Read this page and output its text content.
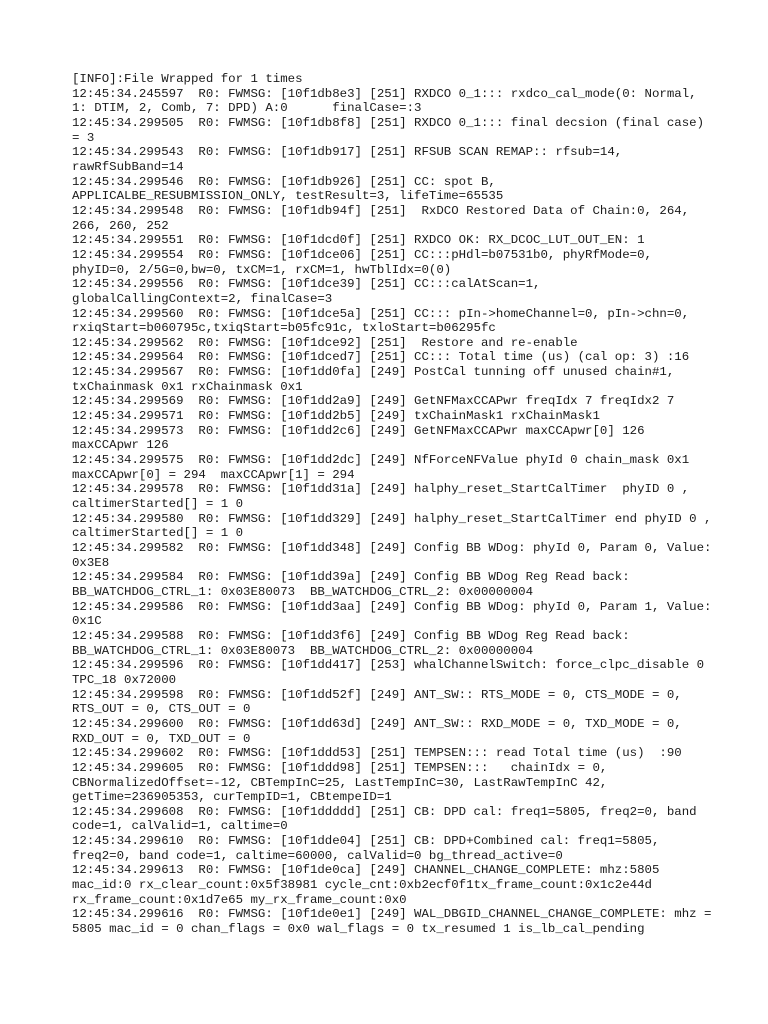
[INFO]:File Wrapped for 1 times
12:45:34.245597  R0: FWMSG: [10f1db8e3] [251] RXDCO 0_1::: rxdco_cal_mode(0: Normal, 1: DTIM, 2, Comb, 7: DPD) A:0      finalCase=:3
12:45:34.299505  R0: FWMSG: [10f1db8f8] [251] RXDCO 0_1::: final decsion (final case) = 3
12:45:34.299543  R0: FWMSG: [10f1db917] [251] RFSUB SCAN REMAP:: rfsub=14, rawRfSubBand=14
12:45:34.299546  R0: FWMSG: [10f1db926] [251] CC: spot B, APPLICALBE_RESUBMISSION_ONLY, testResult=3, lifeTime=65535
12:45:34.299548  R0: FWMSG: [10f1db94f] [251]  RxDCO Restored Data of Chain:0, 264, 266, 260, 252
12:45:34.299551  R0: FWMSG: [10f1dcd0f] [251] RXDCO OK: RX_DCOC_LUT_OUT_EN: 1
12:45:34.299554  R0: FWMSG: [10f1dce06] [251] CC:::pHdl=b07531b0, phyRfMode=0, phyID=0, 2/5G=0,bw=0, txCM=1, rxCM=1, hwTblIdx=0(0)
12:45:34.299556  R0: FWMSG: [10f1dce39] [251] CC:::calAtScan=1, globalCallingContext=2, finalCase=3
12:45:34.299560  R0: FWMSG: [10f1dce5a] [251] CC::: pIn->homeChannel=0, pIn->chn=0, rxiqStart=b060795c,txiqStart=b05fc91c, txloStart=b06295fc
12:45:34.299562  R0: FWMSG: [10f1dce92] [251]  Restore and re-enable
12:45:34.299564  R0: FWMSG: [10f1dced7] [251] CC::: Total time (us) (cal op: 3) :16
12:45:34.299567  R0: FWMSG: [10f1dd0fa] [249] PostCal tunning off unused chain#1, txChainmask 0x1 rxChainmask 0x1
12:45:34.299569  R0: FWMSG: [10f1dd2a9] [249] GetNFMaxCCAPwr freqIdx 7 freqIdx2 7
12:45:34.299571  R0: FWMSG: [10f1dd2b5] [249] txChainMask1 rxChainMask1
12:45:34.299573  R0: FWMSG: [10f1dd2c6] [249] GetNFMaxCCAPwr maxCCApwr[0] 126 maxCCApwr 126
12:45:34.299575  R0: FWMSG: [10f1dd2dc] [249] NfForceNFValue phyId 0 chain_mask 0x1 maxCCApwr[0] = 294  maxCCApwr[1] = 294
12:45:34.299578  R0: FWMSG: [10f1dd31a] [249] halphy_reset_StartCalTimer  phyID 0 , caltimerStarted[] = 1 0
12:45:34.299580  R0: FWMSG: [10f1dd329] [249] halphy_reset_StartCalTimer end phyID 0 , caltimerStarted[] = 1 0
12:45:34.299582  R0: FWMSG: [10f1dd348] [249] Config BB WDog: phyId 0, Param 0, Value: 0x3E8
12:45:34.299584  R0: FWMSG: [10f1dd39a] [249] Config BB WDog Reg Read back: BB_WATCHDOG_CTRL_1: 0x03E80073  BB_WATCHDOG_CTRL_2: 0x00000004
12:45:34.299586  R0: FWMSG: [10f1dd3aa] [249] Config BB WDog: phyId 0, Param 1, Value: 0x1C
12:45:34.299588  R0: FWMSG: [10f1dd3f6] [249] Config BB WDog Reg Read back: BB_WATCHDOG_CTRL_1: 0x03E80073  BB_WATCHDOG_CTRL_2: 0x00000004
12:45:34.299596  R0: FWMSG: [10f1dd417] [253] whalChannelSwitch: force_clpc_disable 0 TPC_18 0x72000
12:45:34.299598  R0: FWMSG: [10f1dd52f] [249] ANT_SW:: RTS_MODE = 0, CTS_MODE = 0, RTS_OUT = 0, CTS_OUT = 0
12:45:34.299600  R0: FWMSG: [10f1dd63d] [249] ANT_SW:: RXD_MODE = 0, TXD_MODE = 0, RXD_OUT = 0, TXD_OUT = 0
12:45:34.299602  R0: FWMSG: [10f1ddd53] [251] TEMPSEN::: read Total time (us)  :90
12:45:34.299605  R0: FWMSG: [10f1ddd98] [251] TEMPSEN:::   chainIdx = 0, CBNormalizedOffset=-12, CBTempInC=25, LastTempInC=30, LastRawTempInC 42, getTime=236905353, curTempID=1, CBtempeID=1
12:45:34.299608  R0: FWMSG: [10f1ddddd] [251] CB: DPD cal: freq1=5805, freq2=0, band code=1, calValid=1, caltime=0
12:45:34.299610  R0: FWMSG: [10f1dde04] [251] CB: DPD+Combined cal: freq1=5805, freq2=0, band code=1, caltime=60000, calValid=0 bg_thread_active=0
12:45:34.299613  R0: FWMSG: [10f1de0ca] [249] CHANNEL_CHANGE_COMPLETE: mhz:5805 mac_id:0 rx_clear_count:0x5f38981 cycle_cnt:0xb2ecf0f1tx_frame_count:0x1c2e44d rx_frame_count:0x1d7e65 my_rx_frame_count:0x0
12:45:34.299616  R0: FWMSG: [10f1de0e1] [249] WAL_DBGID_CHANNEL_CHANGE_COMPLETE: mhz = 5805 mac_id = 0 chan_flags = 0x0 wal_flags = 0 tx_resumed 1 is_lb_cal_pending
